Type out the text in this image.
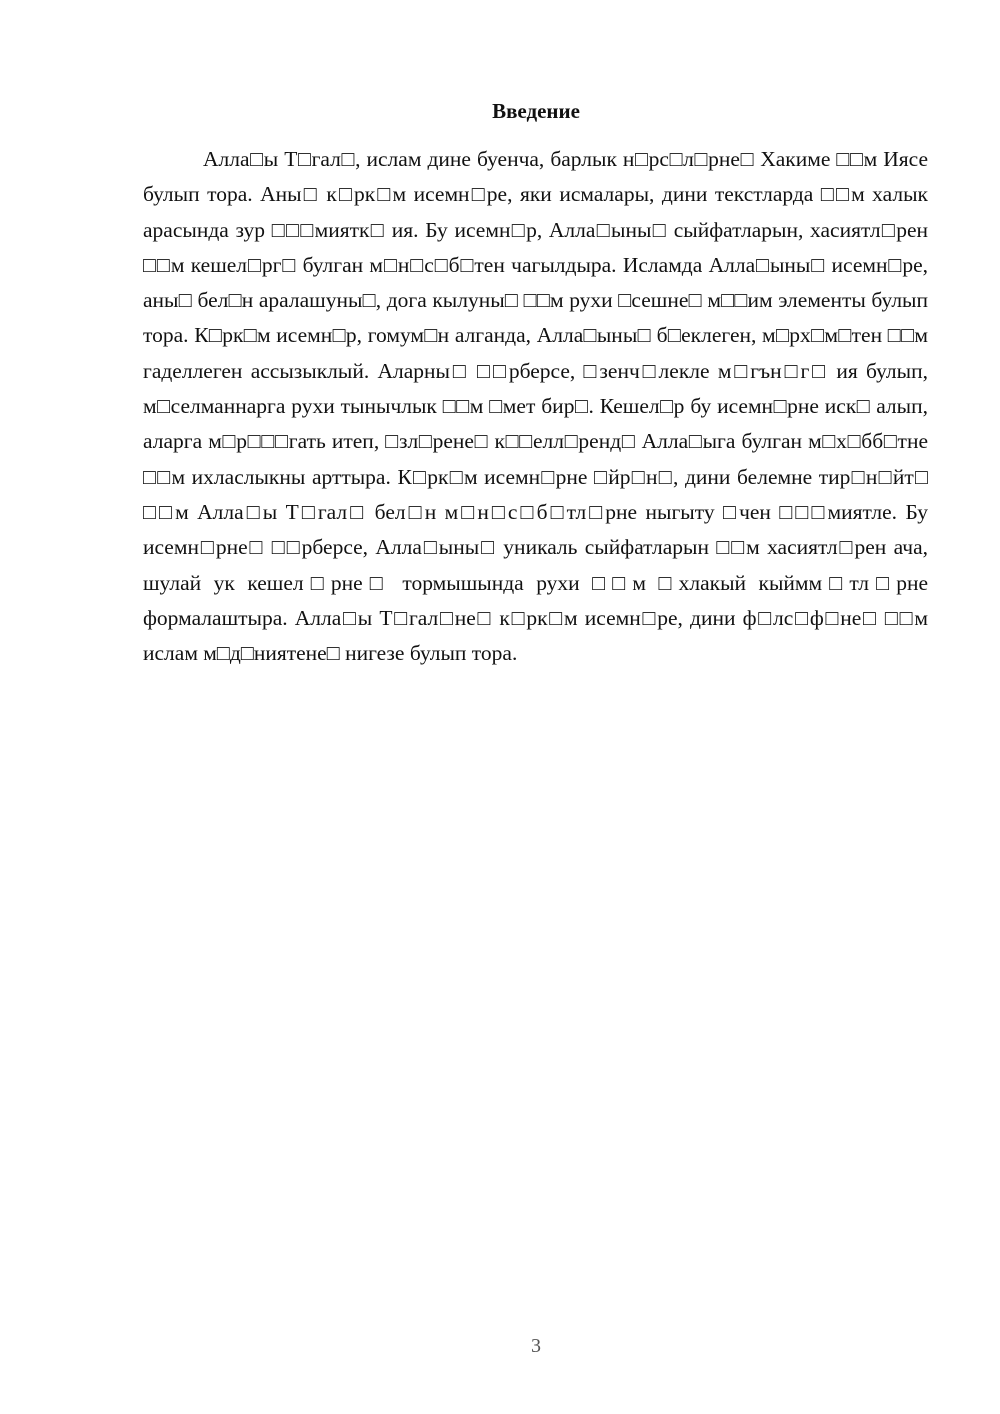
Введение

Алла□ы Т□гал□, ислам дине буенча, барлык н□рс□л□рне□ Хакиме □□м Иясе булып тора. Аны□ к□рк□м исемн□ре, яки исмалары, дини текстларда □□м халык арасында зур □□□миятк□ ия. Бу исемн□р, Алла□ыны□ сыйфатларын, хасиятл□рен □□м кешел□рг□ булган м□н□с□б□тен чагылдыра. Исламда Алла□ыны□ исемн□ре, аны□ бел□н аралашуны□, дога кылуны□ □□м рухи □сешне□ м□□им элементы булып тора. К□рк□м исемн□р, гомум□н алганда, Алла□ыны□ б□еклеген, м□рх□м□тен □□м гаделлеген ассызыклый. Аларны□ □□рберсе, □зенч□лекле м□гън□г□ ия булып, м□селманнарга рухи тынычлык □□м □мет бир□. Кешел□р бу исемн□рне иск□ алып, аларга м□р□□□гать итеп, □зл□рене□ к□□елл□ренд□ Алла□ыга булган м□х□бб□тне □□м ихласлыкны арттыра. К□рк□м исемн□рне □йр□н□, дини белемне тир□н□йт□ □□м Алла□ы Т□гал□ бел□н м□н□с□б□тл□рне ныгыту □чен □□□миятле. Бу исемн□рне□ □□рберсе, Алла□ыны□ уникаль сыйфатларын □□м хасиятл□рен ача, шулай ук кешел□рне□ тормышында рухи □□м □хлакый кыймм□тл□рне формалаштыра. Алла□ы Т□гал□не□ к□рк□м исемн□ре, дини ф□лс□ф□не□ □□м ислам м□д□ниятене□ нигезе булып тора.

3
